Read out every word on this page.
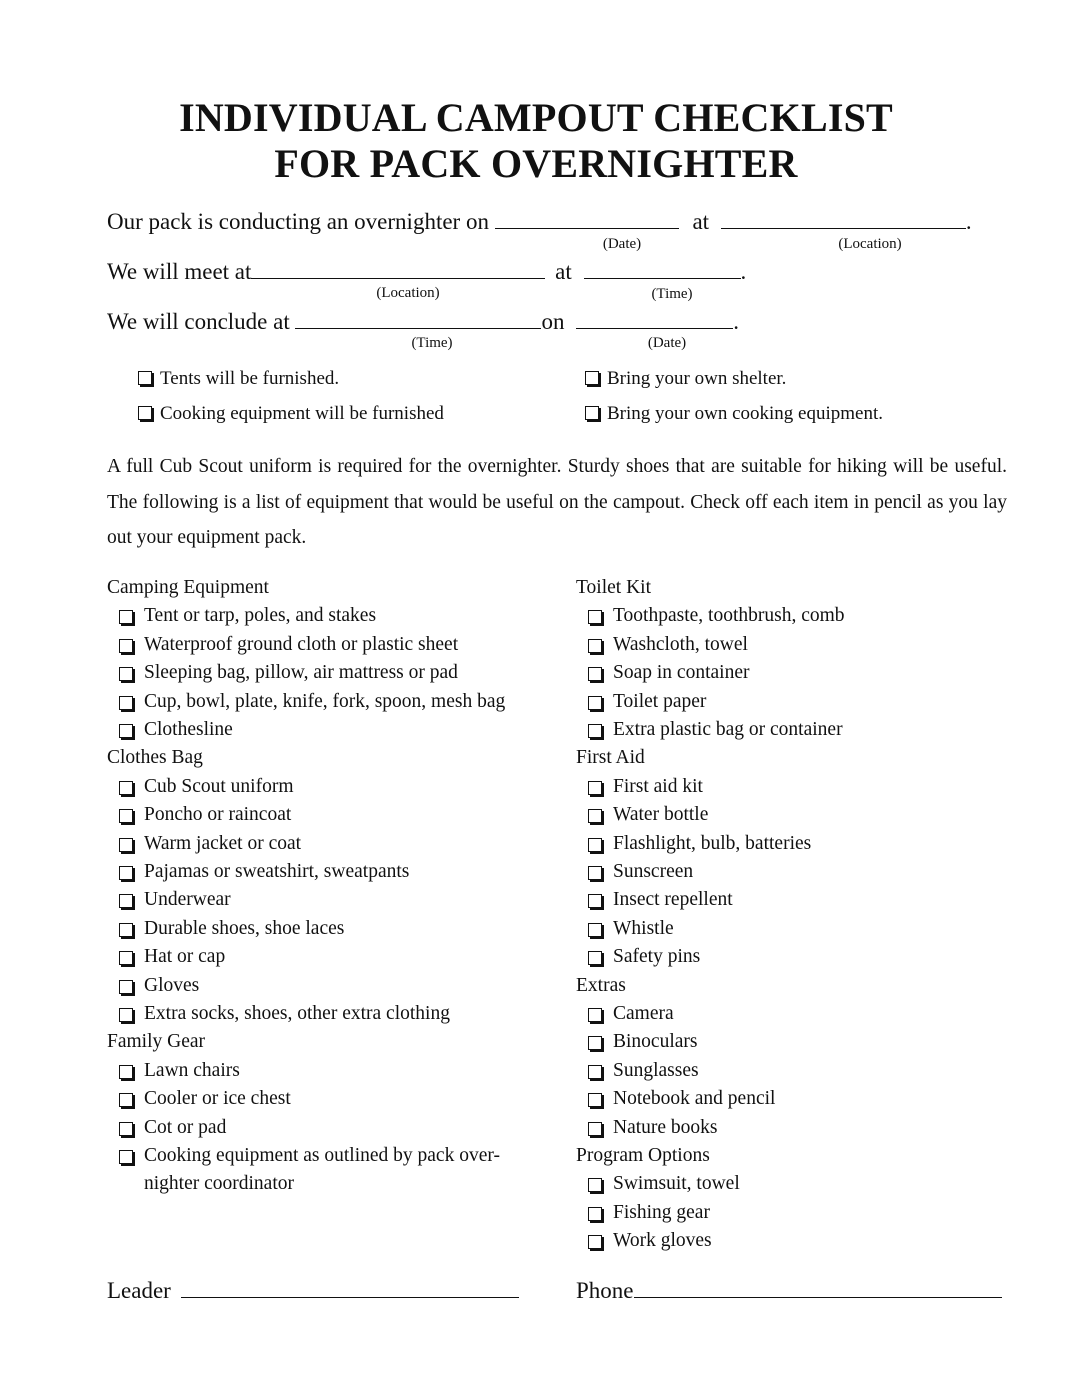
INDIVIDUAL CAMPOUT CHECKLIST
FOR PACK OVERNIGHTER
Our pack is conducting an overnighter on	at	.
(Date)	(Location)
We will meet at	at	.
(Location)	(Time)
We will conclude at	on	.
(Time)	(Date)
Tents will be furnished.	Bring your own shelter.
Cooking equipment will be furnished	Bring your own cooking equipment.
A full Cub Scout uniform is required for the overnighter. Sturdy shoes that are suitable for hiking will be useful. The following is a list of equipment that would be useful on the campout. Check off each item in pencil as you lay out your equipment pack.
Camping Equipment
Tent or tarp, poles, and stakes
Waterproof ground cloth or plastic sheet
Sleeping bag, pillow, air mattress or pad
Cup, bowl, plate, knife, fork, spoon, mesh bag
Clothesline
Clothes Bag
Cub Scout uniform
Poncho or raincoat
Warm jacket or coat
Pajamas or sweatshirt, sweatpants
Underwear
Durable shoes, shoe laces
Hat or cap
Gloves
Extra socks, shoes, other extra clothing
Family Gear
Lawn chairs
Cooler or ice chest
Cot or pad
Cooking equipment as outlined by pack over-
nighter coordinator
Toilet Kit
Toothpaste, toothbrush, comb
Washcloth, towel
Soap in container
Toilet paper
Extra plastic bag or container
First Aid
First aid kit
Water bottle
Flashlight, bulb, batteries
Sunscreen
Insect repellent
Whistle
Safety pins
Extras
Camera
Binoculars
Sunglasses
Notebook and pencil
Nature books
Program Options
Swimsuit, towel
Fishing gear
Work gloves
Leader	Phone
